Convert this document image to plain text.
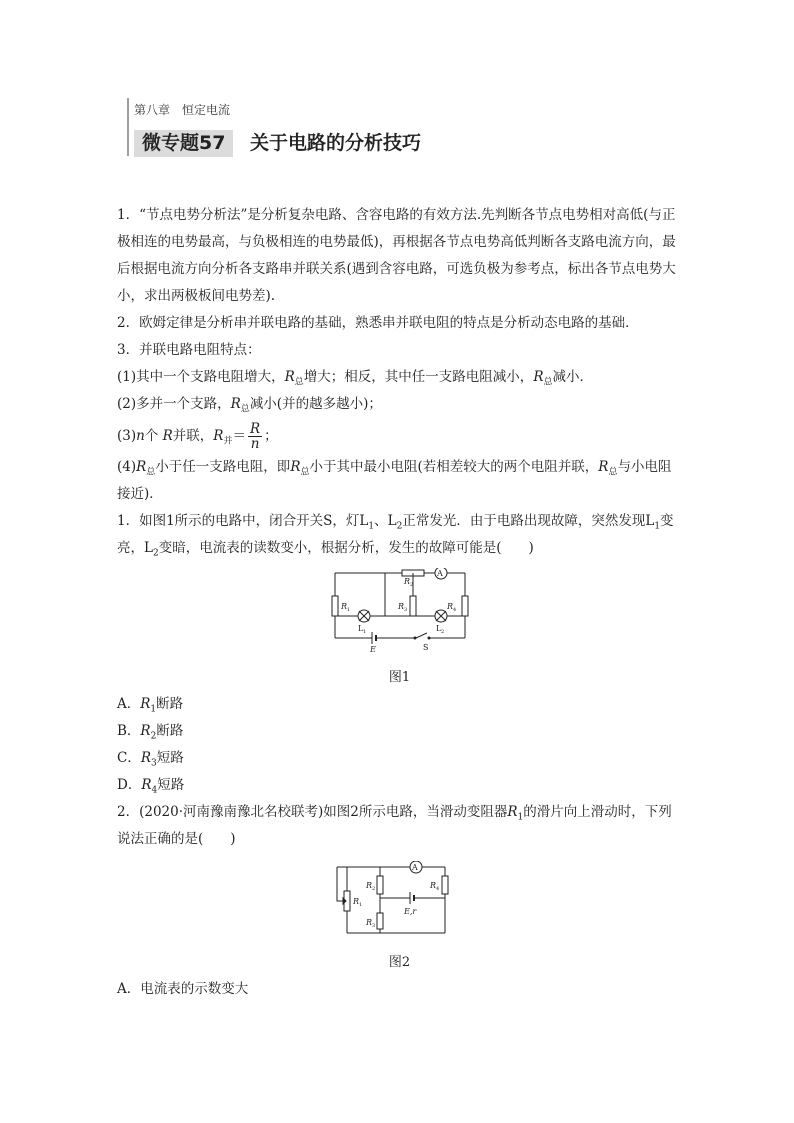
第八章　恒定电流
微专题57	关于电路的分析技巧

1．“节点电势分析法”是分析复杂电路、含容电路的有效方法.先判断各节点电势相对高低(与正极相连的电势最高，与负极相连的电势最低)，再根据各节点电势高低判断各支路电流方向，最后根据电流方向分析各支路串并联关系(遇到含容电路，可选负极为参考点，标出各节点电势大小，求出两极板间电势差).

2．欧姆定律是分析串并联电路的基础，熟悉串并联电阻的特点是分析动态电路的基础．

3．并联电路电阻特点：

(1)其中一个支路电阻增大，$R_总$增大；相反，其中任一支路电阻减小，$R_总$减小．

(2)多并一个支路，$R_总$减小(并的越多越小)；

(3)n个 R并联，$R_并= \frac{R}{n}$ ；

$(4)R_总$小于任一支路电阻，即$R_总$小于其中最小电阻(若相差较大的两个电阻并联，$R_总$与小电阻接近)．

1．如图1所示的电路中，闭合开关S，灯$L_1$、$L_2$正常发光．由于电路出现故障，突然发现$L_1$变亮，$L_2$变暗，电流表的读数变小，根据分析，发生的故障可能是(　　)

A
R 2
R 1	R 3	R 4
L 1	L 2
E	S
图1

A．$R_1$断路

B．$R_2$断路

C．$R_3$短路

D．$R_4$短路

2．(2020·河南豫南豫北名校联考)如图2所示电路，当滑动变阻器$R_1$的滑片向上滑动时，下列说法正确的是(　　)

A
R 1
R 2
R 3
R 4
E,r
图2

A．电流表的示数变大
